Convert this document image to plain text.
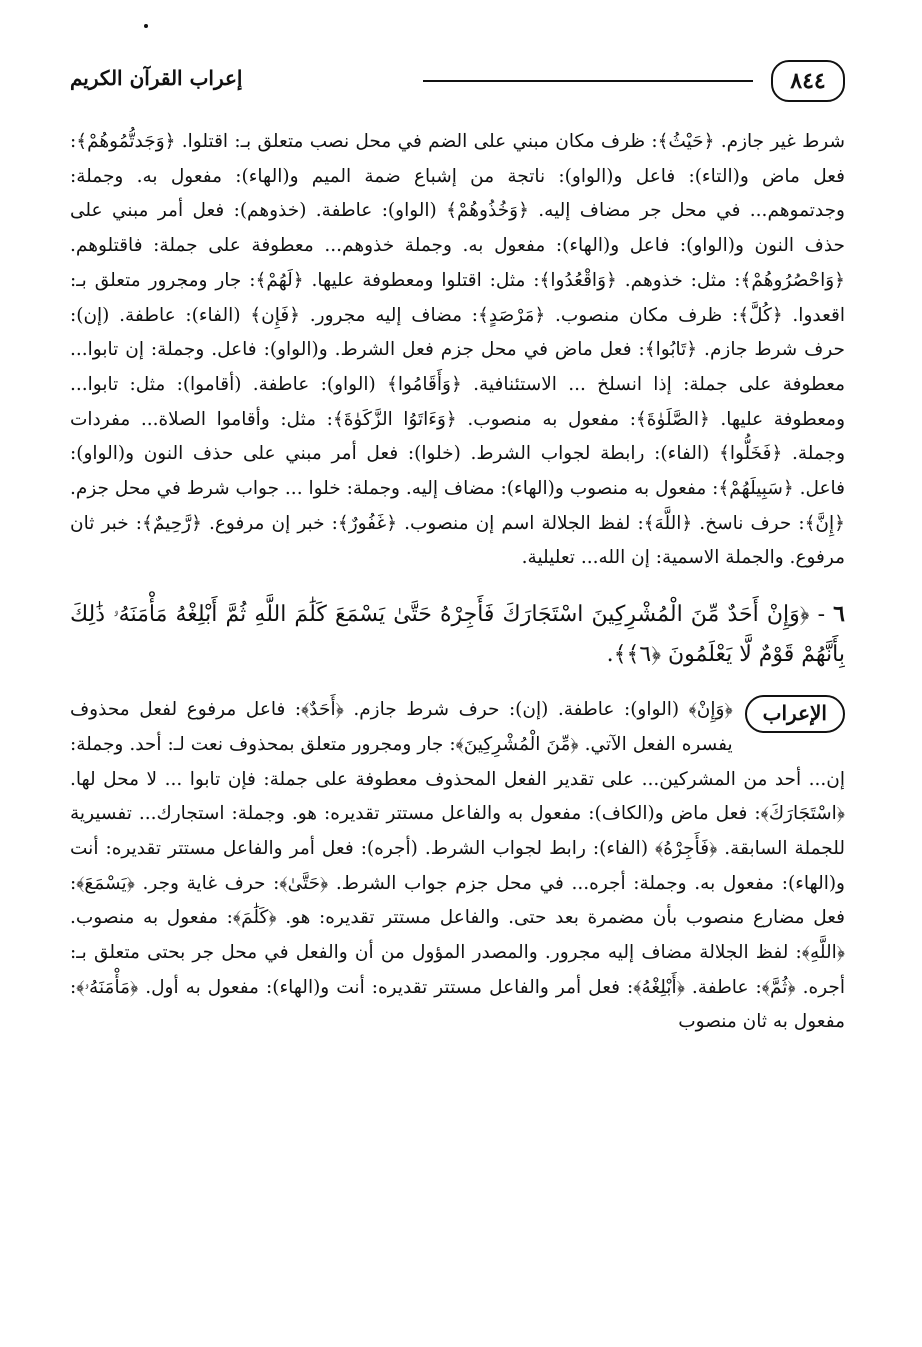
٨٤٤
إعراب القرآن الكريم

شرط غير جازم. ﴿حَيْثُ﴾: ظرف مكان مبني على الضم في محل نصب متعلق بـ: اقتلوا. ﴿وَجَدتُّمُوهُمْ﴾: فعل ماض و(التاء): فاعل و(الواو): ناتجة من إشباع ضمة الميم و(الهاء): مفعول به. وجملة: وجدتموهم... في محل جر مضاف إليه. ﴿وَخُذُوهُمْ﴾ (الواو): عاطفة. (خذوهم): فعل أمر مبني على حذف النون و(الواو): فاعل و(الهاء): مفعول به. وجملة خذوهم... معطوفة على جملة: فاقتلوهم. ﴿وَاحْصُرُوهُمْ﴾: مثل: خذوهم. ﴿وَاقْعُدُوا﴾: مثل: اقتلوا ومعطوفة عليها. ﴿لَهُمْ﴾: جار ومجرور متعلق بـ: اقعدوا. ﴿كُلَّ﴾: ظرف مكان منصوب. ﴿مَرْصَدٍ﴾: مضاف إليه مجرور. ﴿فَإِن﴾ (الفاء): عاطفة. (إن): حرف شرط جازم. ﴿تَابُوا﴾: فعل ماض في محل جزم فعل الشرط. و(الواو): فاعل. وجملة: إن تابوا... معطوفة على جملة: إذا انسلخ ... الاستئنافية. ﴿وَأَقَامُوا﴾ (الواو): عاطفة. (أقاموا): مثل: تابوا... ومعطوفة عليها. ﴿الصَّلَوٰةَ﴾: مفعول به منصوب. ﴿وَءَاتَوُا الزَّكَوٰةَ﴾: مثل: وأقاموا الصلاة... مفردات وجملة. ﴿فَخَلُّوا﴾ (الفاء): رابطة لجواب الشرط. (خلوا): فعل أمر مبني على حذف النون و(الواو): فاعل. ﴿سَبِيلَهُمْ﴾: مفعول به منصوب و(الهاء): مضاف إليه. وجملة: خلوا ... جواب شرط في محل جزم. ﴿إِنَّ﴾: حرف ناسخ. ﴿اللَّهَ﴾: لفظ الجلالة اسم إن منصوب. ﴿غَفُورٌ﴾: خبر إن مرفوع. ﴿رَّحِيمٌ﴾: خبر ثان مرفوع. والجملة الاسمية: إن الله... تعليلية.

٦ - ﴿وَإِنْ أَحَدٌ مِّنَ الْمُشْرِكِينَ اسْتَجَارَكَ فَأَجِرْهُ حَتَّىٰ يَسْمَعَ كَلَٰمَ اللَّهِ ثُمَّ أَبْلِغْهُ مَأْمَنَهُۥ ذَٰلِكَ بِأَنَّهُمْ قَوْمٌ لَّا يَعْلَمُونَ ﴿٦﴾﴾.

الإعراب
﴿وَإِنْ﴾ (الواو): عاطفة. (إن): حرف شرط جازم. ﴿أَحَدٌ﴾: فاعل مرفوع لفعل محذوف يفسره الفعل الآتي. ﴿مِّنَ الْمُشْرِكِينَ﴾: جار ومجرور متعلق بمحذوف نعت لـ: أحد. وجملة: إن... أحد من المشركين... على تقدير الفعل المحذوف معطوفة على جملة: فإن تابوا ... لا محل لها. ﴿اسْتَجَارَكَ﴾: فعل ماض و(الكاف): مفعول به والفاعل مستتر تقديره: هو. وجملة: استجارك... تفسيرية للجملة السابقة. ﴿فَأَجِرْهُ﴾ (الفاء): رابط لجواب الشرط. (أجره): فعل أمر والفاعل مستتر تقديره: أنت و(الهاء): مفعول به. وجملة: أجره... في محل جزم جواب الشرط. ﴿حَتَّىٰ﴾: حرف غاية وجر. ﴿يَسْمَعَ﴾: فعل مضارع منصوب بأن مضمرة بعد حتى. والفاعل مستتر تقديره: هو. ﴿كَلَٰمَ﴾: مفعول به منصوب. ﴿اللَّهِ﴾: لفظ الجلالة مضاف إليه مجرور. والمصدر المؤول من أن والفعل في محل جر بحتى متعلق بـ: أجره. ﴿ثُمَّ﴾: عاطفة. ﴿أَبْلِغْهُ﴾: فعل أمر والفاعل مستتر تقديره: أنت و(الهاء): مفعول به أول. ﴿مَأْمَنَهُۥ﴾: مفعول به ثان منصوب
